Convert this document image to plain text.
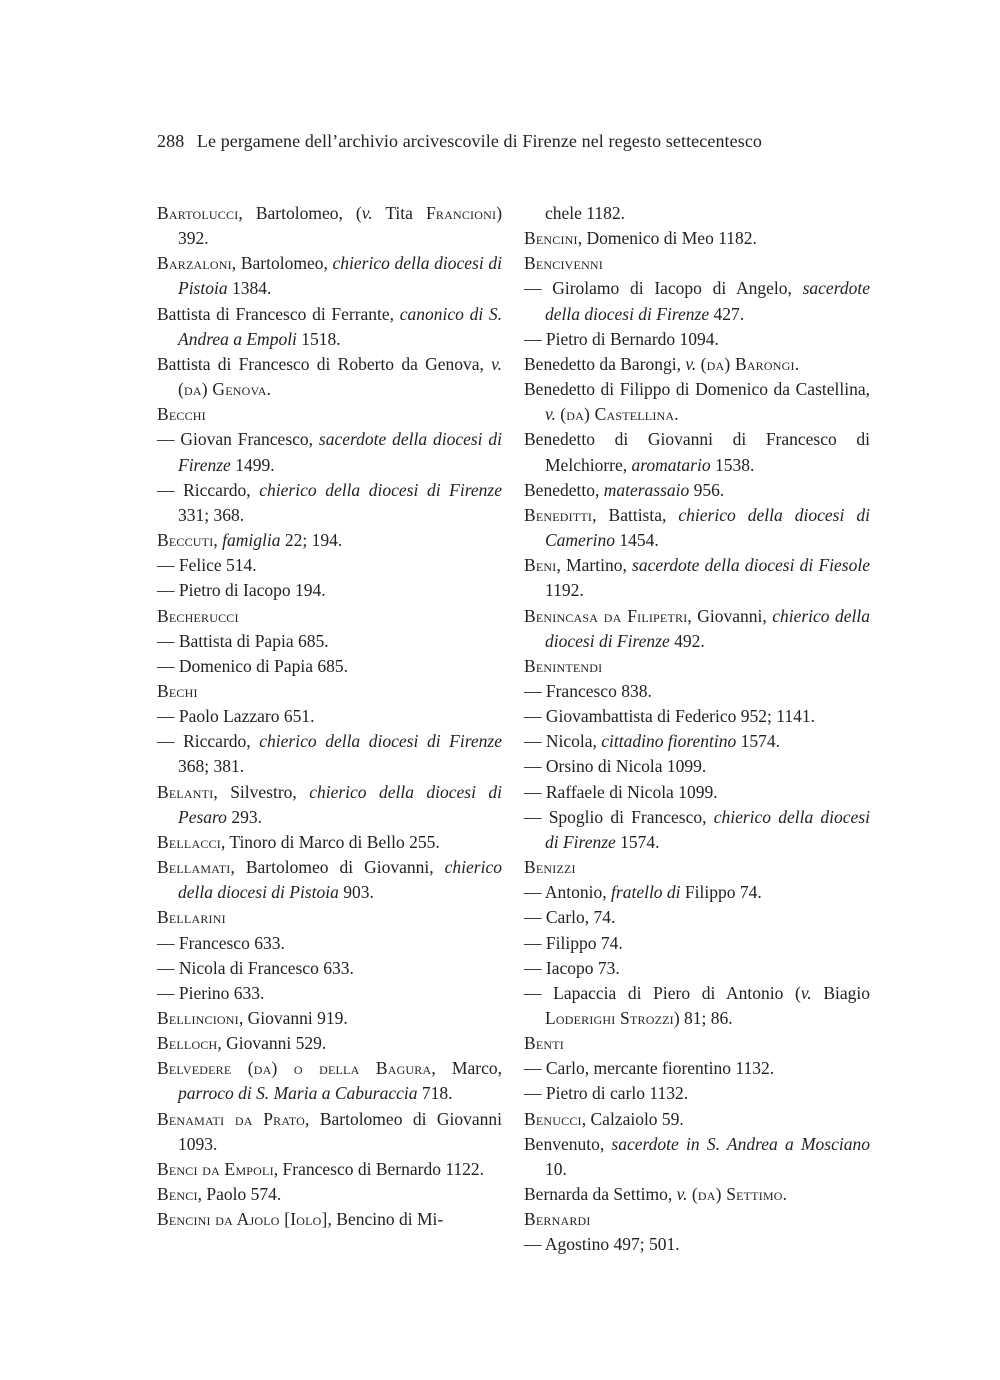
288 Le pergamene dell’archivio arcivescovile di Firenze nel regesto settecentesco
Bartolucci, Bartolomeo, (v. Tita Francioni) 392.
Barzaloni, Bartolomeo, chierico della diocesi di Pistoia 1384.
Battista di Francesco di Ferrante, canonico di S. Andrea a Empoli 1518.
Battista di Francesco di Roberto da Genova, v. (da) Genova.
Becchi
— Giovan Francesco, sacerdote della diocesi di Firenze 1499.
— Riccardo, chierico della diocesi di Firenze 331; 368.
Beccuti, famiglia 22; 194.
— Felice 514.
— Pietro di Iacopo 194.
Becherucci
— Battista di Papia 685.
— Domenico di Papia 685.
Bechi
— Paolo Lazzaro 651.
— Riccardo, chierico della diocesi di Firenze 368; 381.
Belanti, Silvestro, chierico della diocesi di Pesaro 293.
Bellacci, Tinoro di Marco di Bello 255.
Bellamati, Bartolomeo di Giovanni, chierico della diocesi di Pistoia 903.
Bellarini
— Francesco 633.
— Nicola di Francesco 633.
— Pierino 633.
Bellincioni, Giovanni 919.
Belloch, Giovanni 529.
Belvedere (da) o della Bagura, Marco, parroco di S. Maria a Caburaccia 718.
Benamati da Prato, Bartolomeo di Giovanni 1093.
Benci da Empoli, Francesco di Bernardo 1122.
Benci, Paolo 574.
Bencini da Ajolo [Iolo], Bencino di Mi-
chele 1182.
Bencini, Domenico di Meo 1182.
Bencivenni
— Girolamo di Iacopo di Angelo, sacerdote della diocesi di Firenze 427.
— Pietro di Bernardo 1094.
Benedetto da Barongi, v. (da) Barongi.
Benedetto di Filippo di Domenico da Castellina, v. (da) Castellina.
Benedetto di Giovanni di Francesco di Melchiorre, aromatario 1538.
Benedetto, materassaio 956.
Beneditti, Battista, chierico della diocesi di Camerino 1454.
Beni, Martino, sacerdote della diocesi di Fiesole 1192.
Benincasa da Filipetri, Giovanni, chierico della diocesi di Firenze 492.
Benintendi
— Francesco 838.
— Giovambattista di Federico 952; 1141.
— Nicola, cittadino fiorentino 1574.
— Orsino di Nicola 1099.
— Raffaele di Nicola 1099.
— Spoglio di Francesco, chierico della diocesi di Firenze 1574.
Benizzi
— Antonio, fratello di Filippo 74.
— Carlo, 74.
— Filippo 74.
— Iacopo 73.
— Lapaccia di Piero di Antonio (v. Biagio Loderighi Strozzi) 81; 86.
Benti
— Carlo, mercante fiorentino 1132.
— Pietro di carlo 1132.
Benucci, Calzaiolo 59.
Benvenuto, sacerdote in S. Andrea a Mosciano 10.
Bernarda da Settimo, v. (da) Settimo.
Bernardi
— Agostino 497; 501.
